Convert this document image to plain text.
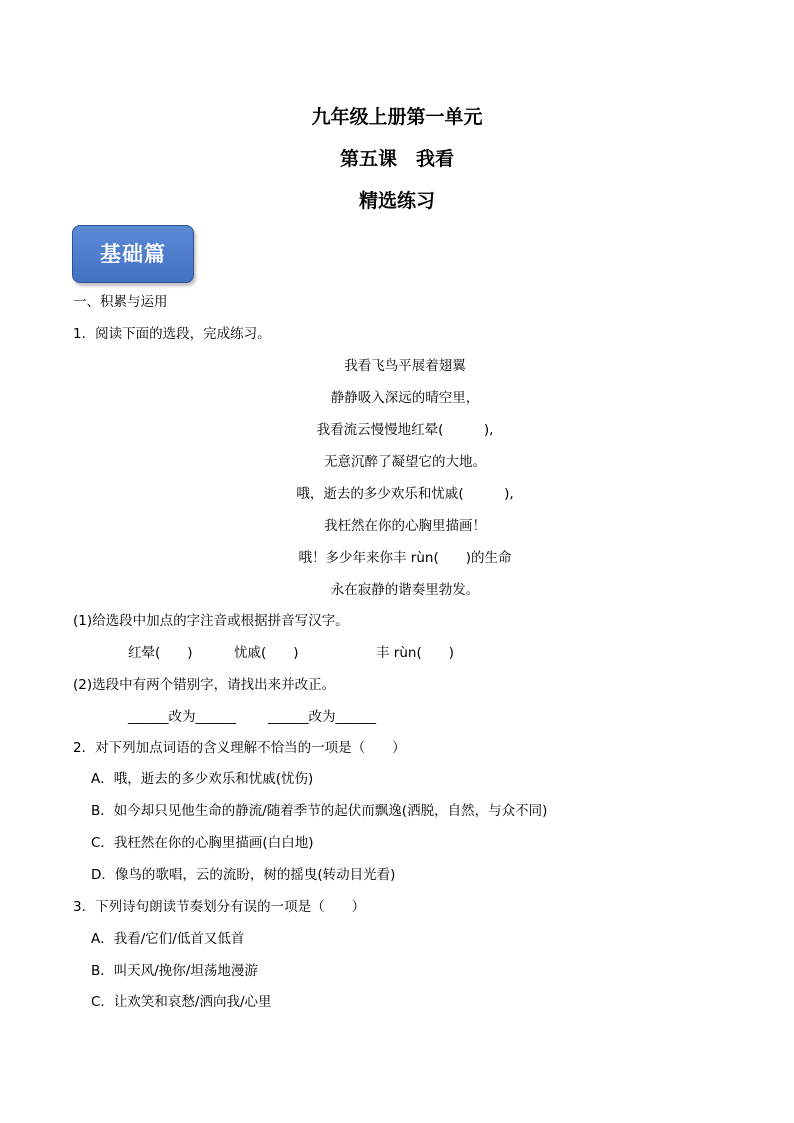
九年级上册第一单元
第五课　我看
精选练习
基础篇
一、积累与运用
1．阅读下面的选段，完成练习。
我看飞鸟平展着翅翼
静静吸入深远的晴空里，
我看流云慢慢地红晕(　　　),
无意沉醉了凝望它的大地。
哦，逝去的多少欢乐和忧戚(　　　),
我枉然在你的心胸里描画！
哦！多少年来你丰 rùn(　　)的生命
永在寂静的谐奏里勃发。
(1)给选段中加点的字注音或根据拼音写汉字。
红晕(　　)	忧戚(　　)	丰 rùn(　　)
(2)选段中有两个错别字，请找出来并改正。
______改为______ ______改为______
2．对下列加点词语的含义理解不恰当的一项是（　　）
A．哦，逝去的多少欢乐和忧戚(忧伤)
B．如今却只见他生命的静流/随着季节的起伏而飘逸(洒脱，自然，与众不同)
C．我枉然在你的心胸里描画(白白地)
D．像鸟的歌唱，云的流盼，树的摇曳(转动目光看)
3．下列诗句朗读节奏划分有误的一项是（　　）
A．我看/它们/低首又低首
B．叫天风/挽你/坦荡地漫游
C．让欢笑和哀愁/洒向我/心里
